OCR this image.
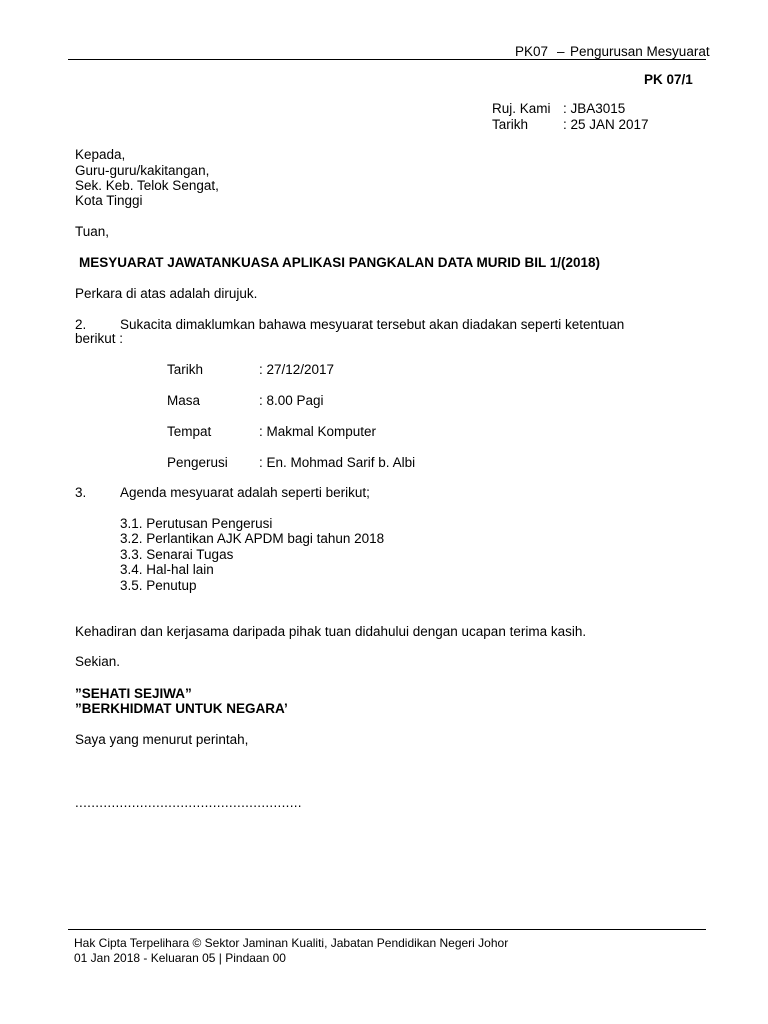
PK07 – Pengurusan Mesyuarat
PK 07/1
Ruj. Kami : JBA3015
Tarikh	: 25 JAN 2017
Kepada,
Guru-guru/kakitangan,
Sek. Keb. Telok Sengat,
Kota Tinggi
Tuan,
MESYUARAT JAWATANKUASA APLIKASI PANGKALAN DATA MURID BIL 1/(2018)
Perkara di atas adalah dirujuk.
2. Sukacita dimaklumkan bahawa mesyuarat tersebut akan diadakan seperti ketentuan
berikut :
Tarikh	: 27/12/2017
Masa	: 8.00 Pagi
Tempat	: Makmal Komputer
Pengerusi : En. Mohmad Sarif b. Albi
3. Agenda mesyuarat adalah seperti berikut;
3.1. Perutusan Pengerusi
3.2. Perlantikan AJK APDM bagi tahun 2018
3.3. Senarai Tugas
3.4. Hal-hal lain
3.5. Penutup
Kehadiran dan kerjasama daripada pihak tuan didahului dengan ucapan terima kasih.
Sekian.
”SEHATI SEJIWA”
”BERKHIDMAT UNTUK NEGARA’
Saya yang menurut perintah,
........................................................
Hak Cipta Terpelihara © Sektor Jaminan Kualiti, Jabatan Pendidikan Negeri Johor
01 Jan 2018 - Keluaran 05 | Pindaan 00
